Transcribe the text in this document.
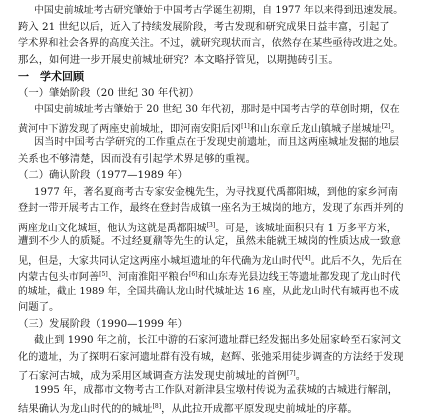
中国史前城址考古研究肇始于中国考古学诞生初期，自 1977 年以来得到迅速发展。
跨入 21 世纪以后，近入了持续发展阶段，考古发现和研究成果日益丰富，引起了
学术界和社会各界的高度关注。不过，就研究现状而言，依然存在某些亟待改进之处。
那么，如何进一步开展史前城址研究？本文略抒管见，以期抛砖引玉。
一　学术回顾
（一）肇始阶段（20 世纪 30 年代初）
中国史前城址考古肇始于 20 世纪 30 年代初，那时是中国考古学的草创时期，仅在
黄河中下游发现了两座史前城址，即河南安阳后冈[1]和山东章丘龙山镇城子崖城址[2]。
因当时中国考古学研究的工作重点在于发现史前遗址，而且这两座城址发掘的地层
关系也不够清楚，因而没有引起学术界足够的重视。
（二）确认阶段（1977—1989 年）
1977 年，著名夏商考古专家安金槐先生，为寻找夏代禹都阳城，到他的家乡河南
登封一带开展考古工作，最终在登封告成镇一座名为王城岗的地方，发现了东西并列的
两座龙山文化城垣，他认为这就是禹都阳城[3]。可是，该城址面积只有 1 万多平方米，
遭到不少人的质疑。不过经夏鼐等先生的认定，虽然未能就王城岗的性质达成一致意
见，但是，大家共同认定这两座小城垣遗址的年代确为龙山时代[4]。此后不久，先后在
内蒙古包头市阿善[5]、河南淮阳平粮台[6]和山东寿光县边线王等遗址都发现了龙山时代
的城址，截止 1989 年，全国共确认龙山时代城址达 16 座，从此龙山时代有城再也不成
问题了。
（三）发展阶段（1990—1999 年）
截止到 1990 年之前，长江中游的石家河遗址群已经发掘出多处屈家岭至石家河文
化的遗址，为了探明石家河遗址群有没有城，赵辉、张弛采用徒步调查的方法经于发现
了石家河古城，成为采用区域调查方法发现史前城址的首例[7]。
1995 年，成都市文物考古工作队对新津县宝墩村传说为孟获城的古城进行解剖，
结果确认为龙山时代的的城址[8]，从此拉开成都平原发现史前城址的序幕。
